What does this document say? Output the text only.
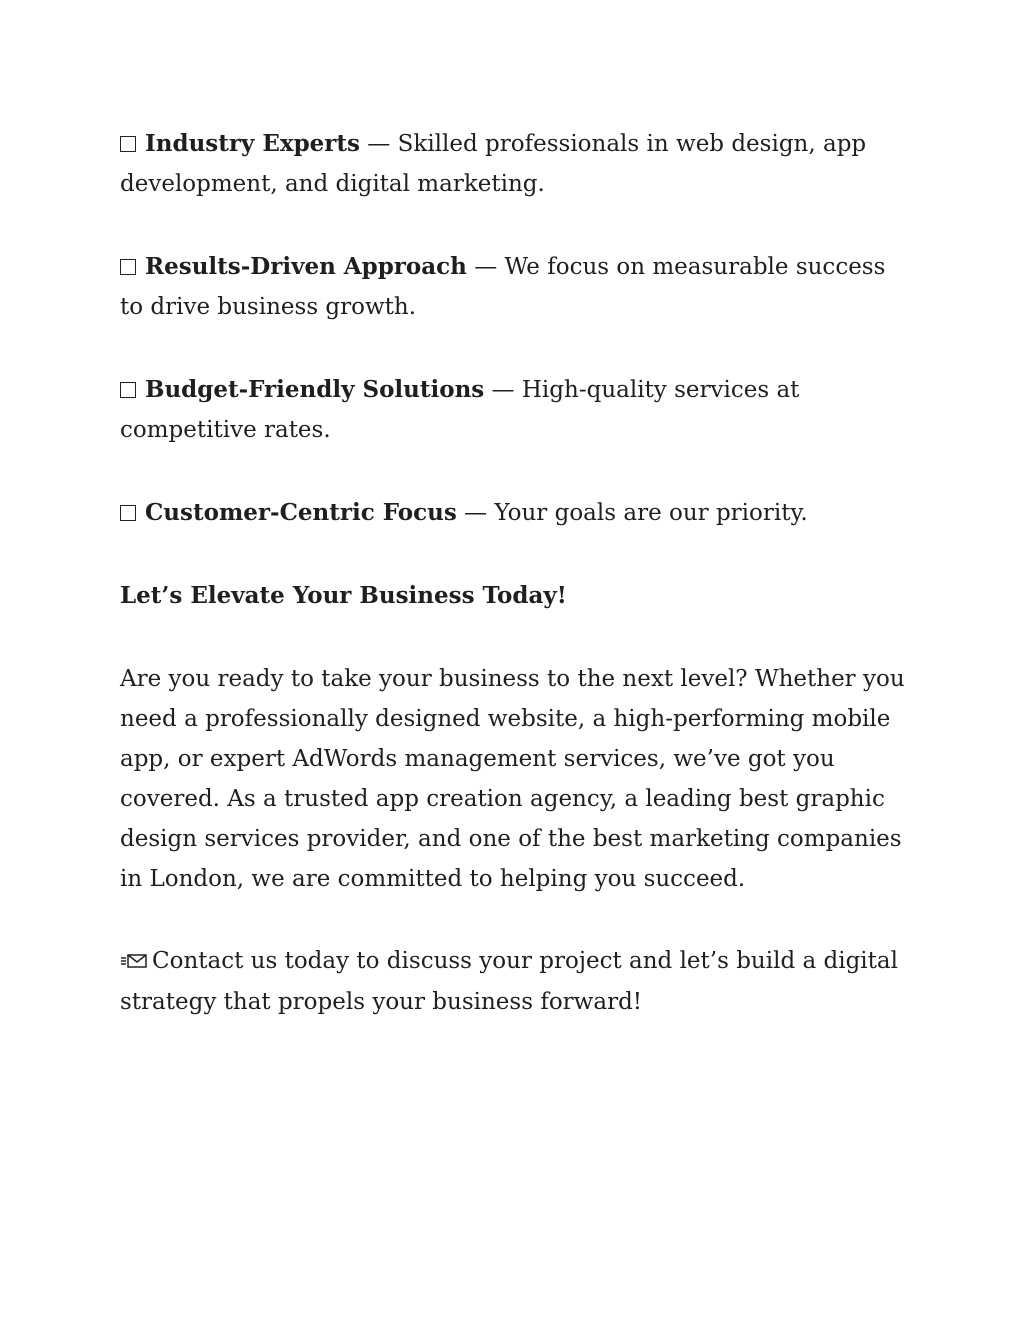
Industry Experts — Skilled professionals in web design, app development, and digital marketing.

Results-Driven Approach — We focus on measurable success to drive business growth.

Budget-Friendly Solutions — High-quality services at competitive rates.

Customer-Centric Focus — Your goals are our priority.

Let’s Elevate Your Business Today!

Are you ready to take your business to the next level? Whether you need a professionally designed website, a high-performing mobile app, or expert AdWords management services, we’ve got you covered. As a trusted app creation agency, a leading best graphic design services provider, and one of the best marketing companies in London, we are committed to helping you succeed.

Contact us today to discuss your project and let’s build a digital strategy that propels your business forward!
